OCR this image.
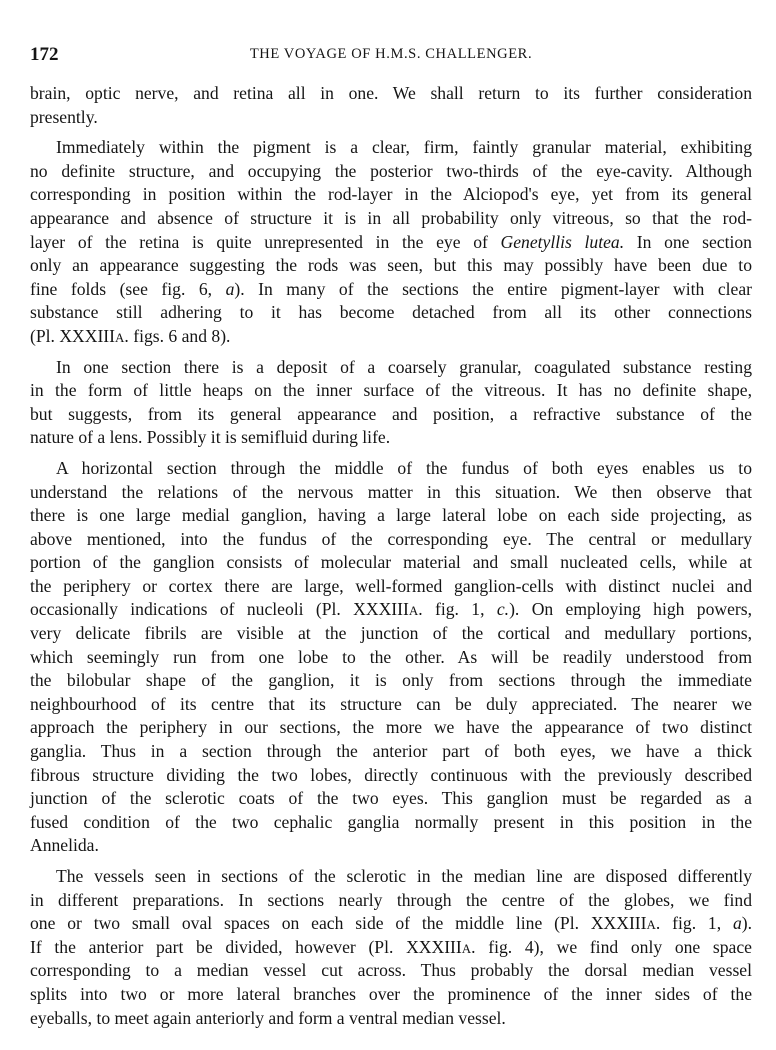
172	THE VOYAGE OF H.M.S. CHALLENGER.
brain, optic nerve, and retina all in one. We shall return to its further consideration
presently.
Immediately within the pigment is a clear, firm, faintly granular material, exhibiting
no definite structure, and occupying the posterior two-thirds of the eye-cavity. Although
corresponding in position within the rod-layer in the Alciopod's eye, yet from its general
appearance and absence of structure it is in all probability only vitreous, so that the rod-
layer of the retina is quite unrepresented in the eye of Genetyllis lutea. In one section
only an appearance suggesting the rods was seen, but this may possibly have been due to
fine folds (see fig. 6, a). In many of the sections the entire pigment-layer with clear
substance still adhering to it has become detached from all its other connections
(Pl. XXXIIIA. figs. 6 and 8).
In one section there is a deposit of a coarsely granular, coagulated substance resting
in the form of little heaps on the inner surface of the vitreous. It has no definite shape,
but suggests, from its general appearance and position, a refractive substance of the
nature of a lens. Possibly it is semifluid during life.
A horizontal section through the middle of the fundus of both eyes enables us to
understand the relations of the nervous matter in this situation. We then observe that
there is one large medial ganglion, having a large lateral lobe on each side projecting, as
above mentioned, into the fundus of the corresponding eye. The central or medullary
portion of the ganglion consists of molecular material and small nucleated cells, while at
the periphery or cortex there are large, well-formed ganglion-cells with distinct nuclei and
occasionally indications of nucleoli (Pl. XXXIIIA. fig. 1, c.). On employing high powers,
very delicate fibrils are visible at the junction of the cortical and medullary portions,
which seemingly run from one lobe to the other. As will be readily understood from
the bilobular shape of the ganglion, it is only from sections through the immediate
neighbourhood of its centre that its structure can be duly appreciated. The nearer we
approach the periphery in our sections, the more we have the appearance of two distinct
ganglia. Thus in a section through the anterior part of both eyes, we have a thick
fibrous structure dividing the two lobes, directly continuous with the previously described
junction of the sclerotic coats of the two eyes. This ganglion must be regarded as a
fused condition of the two cephalic ganglia normally present in this position in the
Annelida.
The vessels seen in sections of the sclerotic in the median line are disposed differently
in different preparations. In sections nearly through the centre of the globes, we find
one or two small oval spaces on each side of the middle line (Pl. XXXIIIA. fig. 1, a).
If the anterior part be divided, however (Pl. XXXIIIA. fig. 4), we find only one space
corresponding to a median vessel cut across. Thus probably the dorsal median vessel
splits into two or more lateral branches over the prominence of the inner sides of the
eyeballs, to meet again anteriorly and form a ventral median vessel.
